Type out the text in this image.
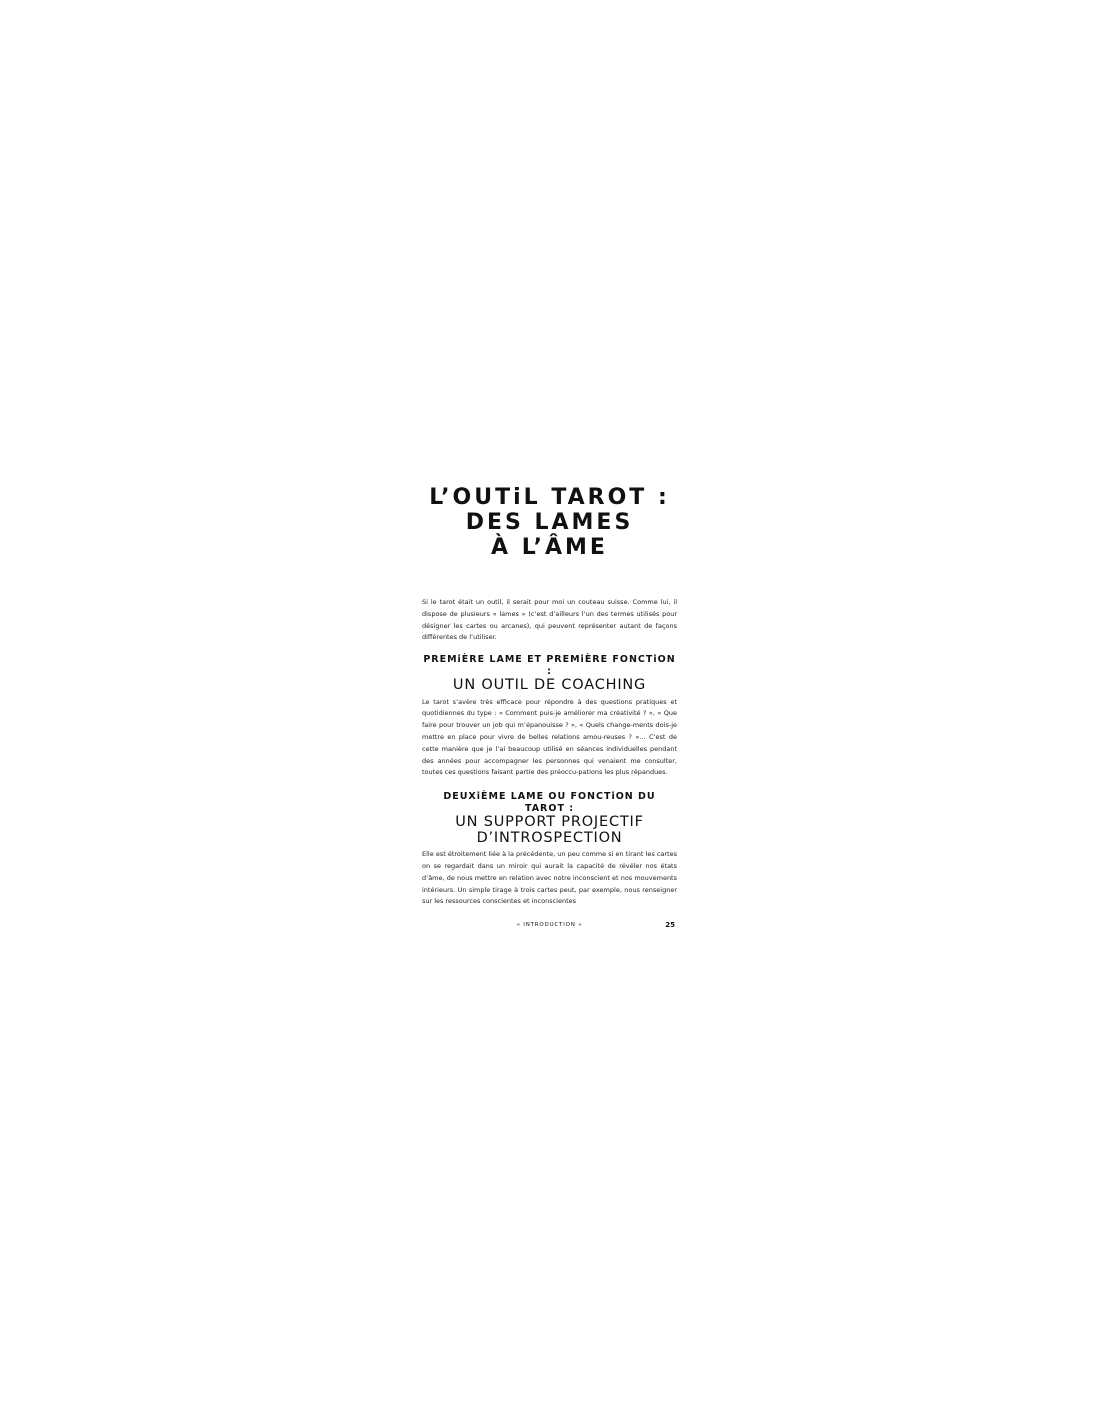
L’OUTiL TAROT :
DES LAMES
À L’ÂME

Si le tarot était un outil, il serait pour moi un couteau suisse. Comme lui, il dispose de plusieurs « lames » (c’est d’ailleurs l’un des termes utilisés pour désigner les cartes ou arcanes), qui peuvent représenter autant de façons différentes de l’utiliser.

PREMiÈRE LAME ET PREMiÈRE FONCTiON :
UN OUTIL DE COACHING

Le tarot s’avère très efficace pour répondre à des questions pratiques et quotidiennes du type : « Comment puis-je améliorer ma créativité ? », « Que faire pour trouver un job qui m’épanouisse ? », « Quels change-ments dois-je mettre en place pour vivre de belles relations amou-reuses ? »... C’est de cette manière que je l’ai beaucoup utilisé en séances individuelles pendant des années pour accompagner les personnes qui venaient me consulter, toutes ces questions faisant partie des préoccu-pations les plus répandues.

DEUXiÈME LAME OU FONCTiON DU TAROT :
UN SUPPORT PROJECTIF
D’INTROSPECTION

Elle est étroitement liée à la précédente, un peu comme si en tirant les cartes on se regardait dans un miroir qui aurait la capacité de révéler nos états d’âme, de nous mettre en relation avec notre inconscient et nos mouvements intérieurs. Un simple tirage à trois cartes peut, par exemple, nous renseigner sur les ressources conscientes et inconscientes

« INTRODUCTION »	25
